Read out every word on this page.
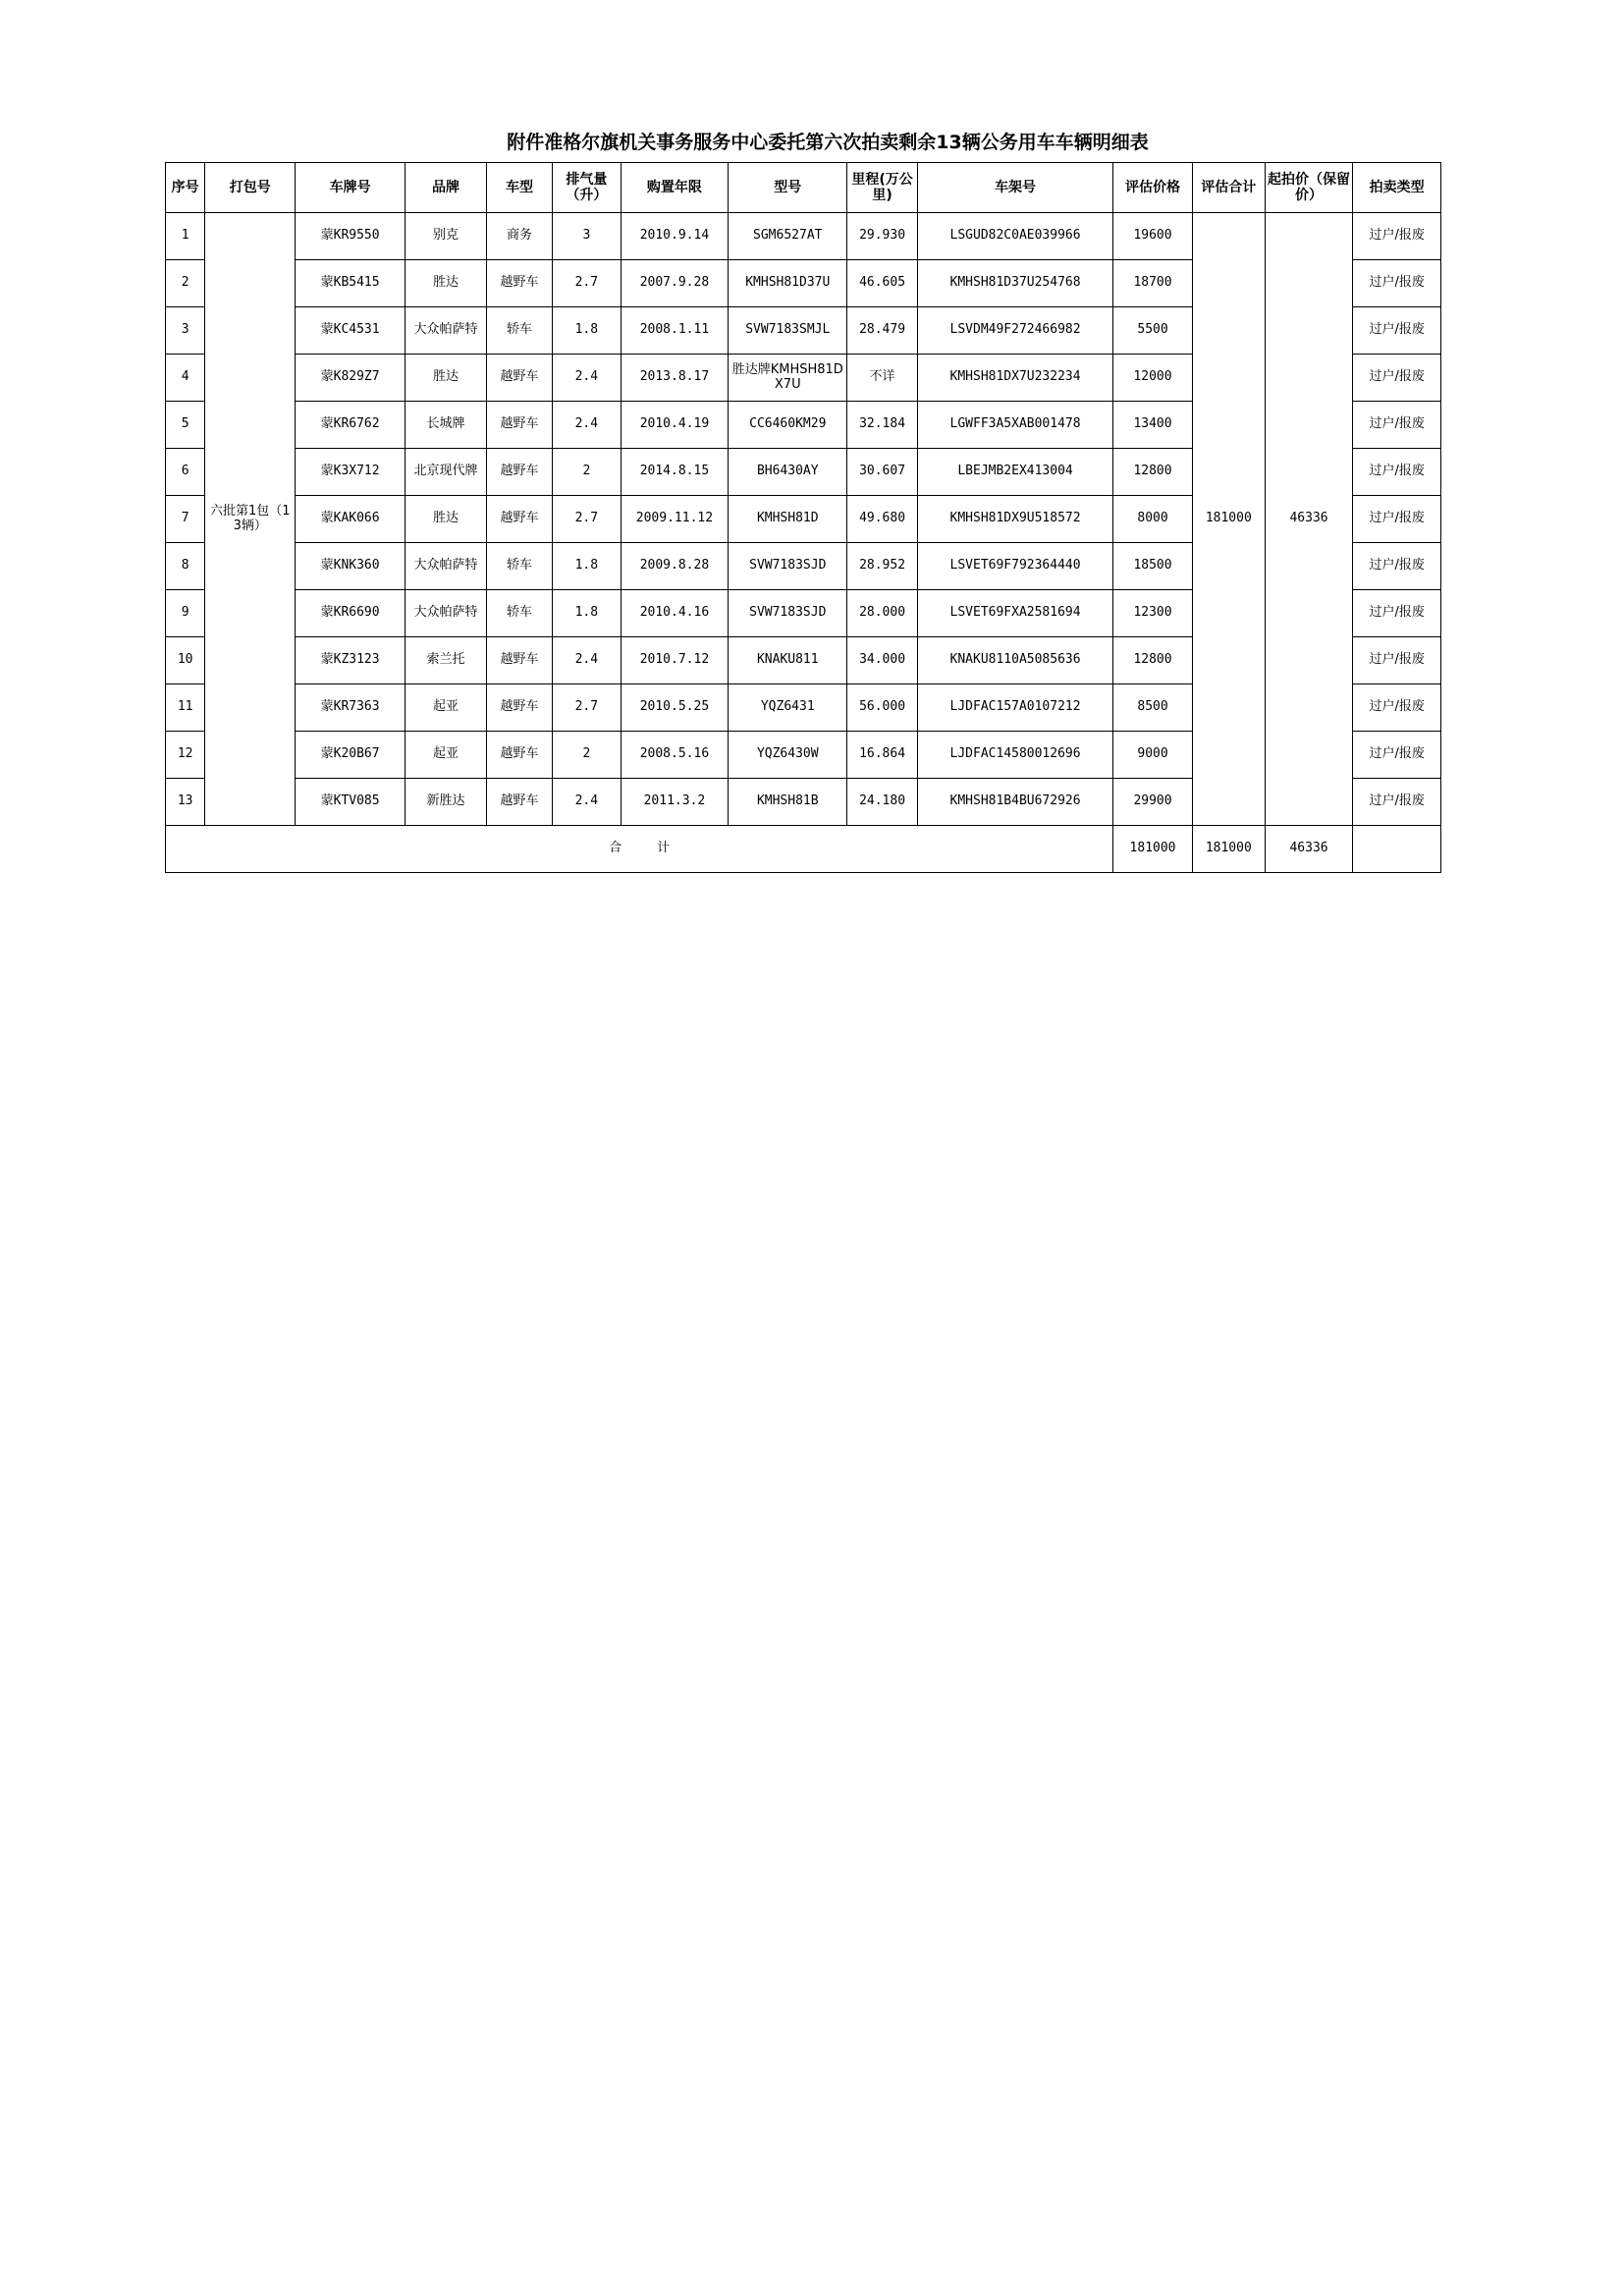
附件准格尔旗机关事务服务中心委托第六次拍卖剩余13辆公务用车车辆明细表
序号	打包号	车牌号	品牌	车型	排气量（升）	购置年限	型号	里程(万公里)	车架号	评估价格	评估合计	起拍价（保留价）	拍卖类型
1	六批第1包（13辆）	蒙KR9550	别克	商务	3	2010.9.14	SGM6527AT	29.930	LSGUD82C0AE039966	19600	181000	46336	过户/报废
2		蒙KB5415	胜达	越野车	2.7	2007.9.28	KMHSH81D37U	46.605	KMHSH81D37U254768	18700			过户/报废
3		蒙KC4531	大众帕萨特	轿车	1.8	2008.1.11	SVW7183SMJL	28.479	LSVDM49F272466982	5500			过户/报废
4		蒙K829Z7	胜达	越野车	2.4	2013.8.17	胜达牌KMHSH81DX7U	不详	KMHSH81DX7U232234	12000			过户/报废
5		蒙KR6762	长城牌	越野车	2.4	2010.4.19	CC6460KM29	32.184	LGWFF3A5XAB001478	13400			过户/报废
6		蒙K3X712	北京现代牌	越野车	2	2014.8.15	BH6430AY	30.607	LBEJMB2EX413004	12800			过户/报废
7		蒙KAK066	胜达	越野车	2.7	2009.11.12	KMHSH81D	49.680	KMHSH81DX9U518572	8000			过户/报废
8		蒙KNK360	大众帕萨特	轿车	1.8	2009.8.28	SVW7183SJD	28.952	LSVET69F792364440	18500			过户/报废
9		蒙KR6690	大众帕萨特	轿车	1.8	2010.4.16	SVW7183SJD	28.000	LSVET69FXA2581694	12300			过户/报废
10		蒙KZ3123	索兰托	越野车	2.4	2010.7.12	KNAKU811	34.000	KNAKU8110A5085636	12800			过户/报废
11		蒙KR7363	起亚	越野车	2.7	2010.5.25	YQZ6431	56.000	LJDFAC157A0107212	8500			过户/报废
12		蒙K20B67	起亚	越野车	2	2008.5.16	YQZ6430W	16.864	LJDFAC14580012696	9000			过户/报废
13		蒙KTV085	新胜达	越野车	2.4	2011.3.2	KMHSH81B	24.180	KMHSH81B4BU672926	29900			过户/报废
合计										181000	181000	46336	
